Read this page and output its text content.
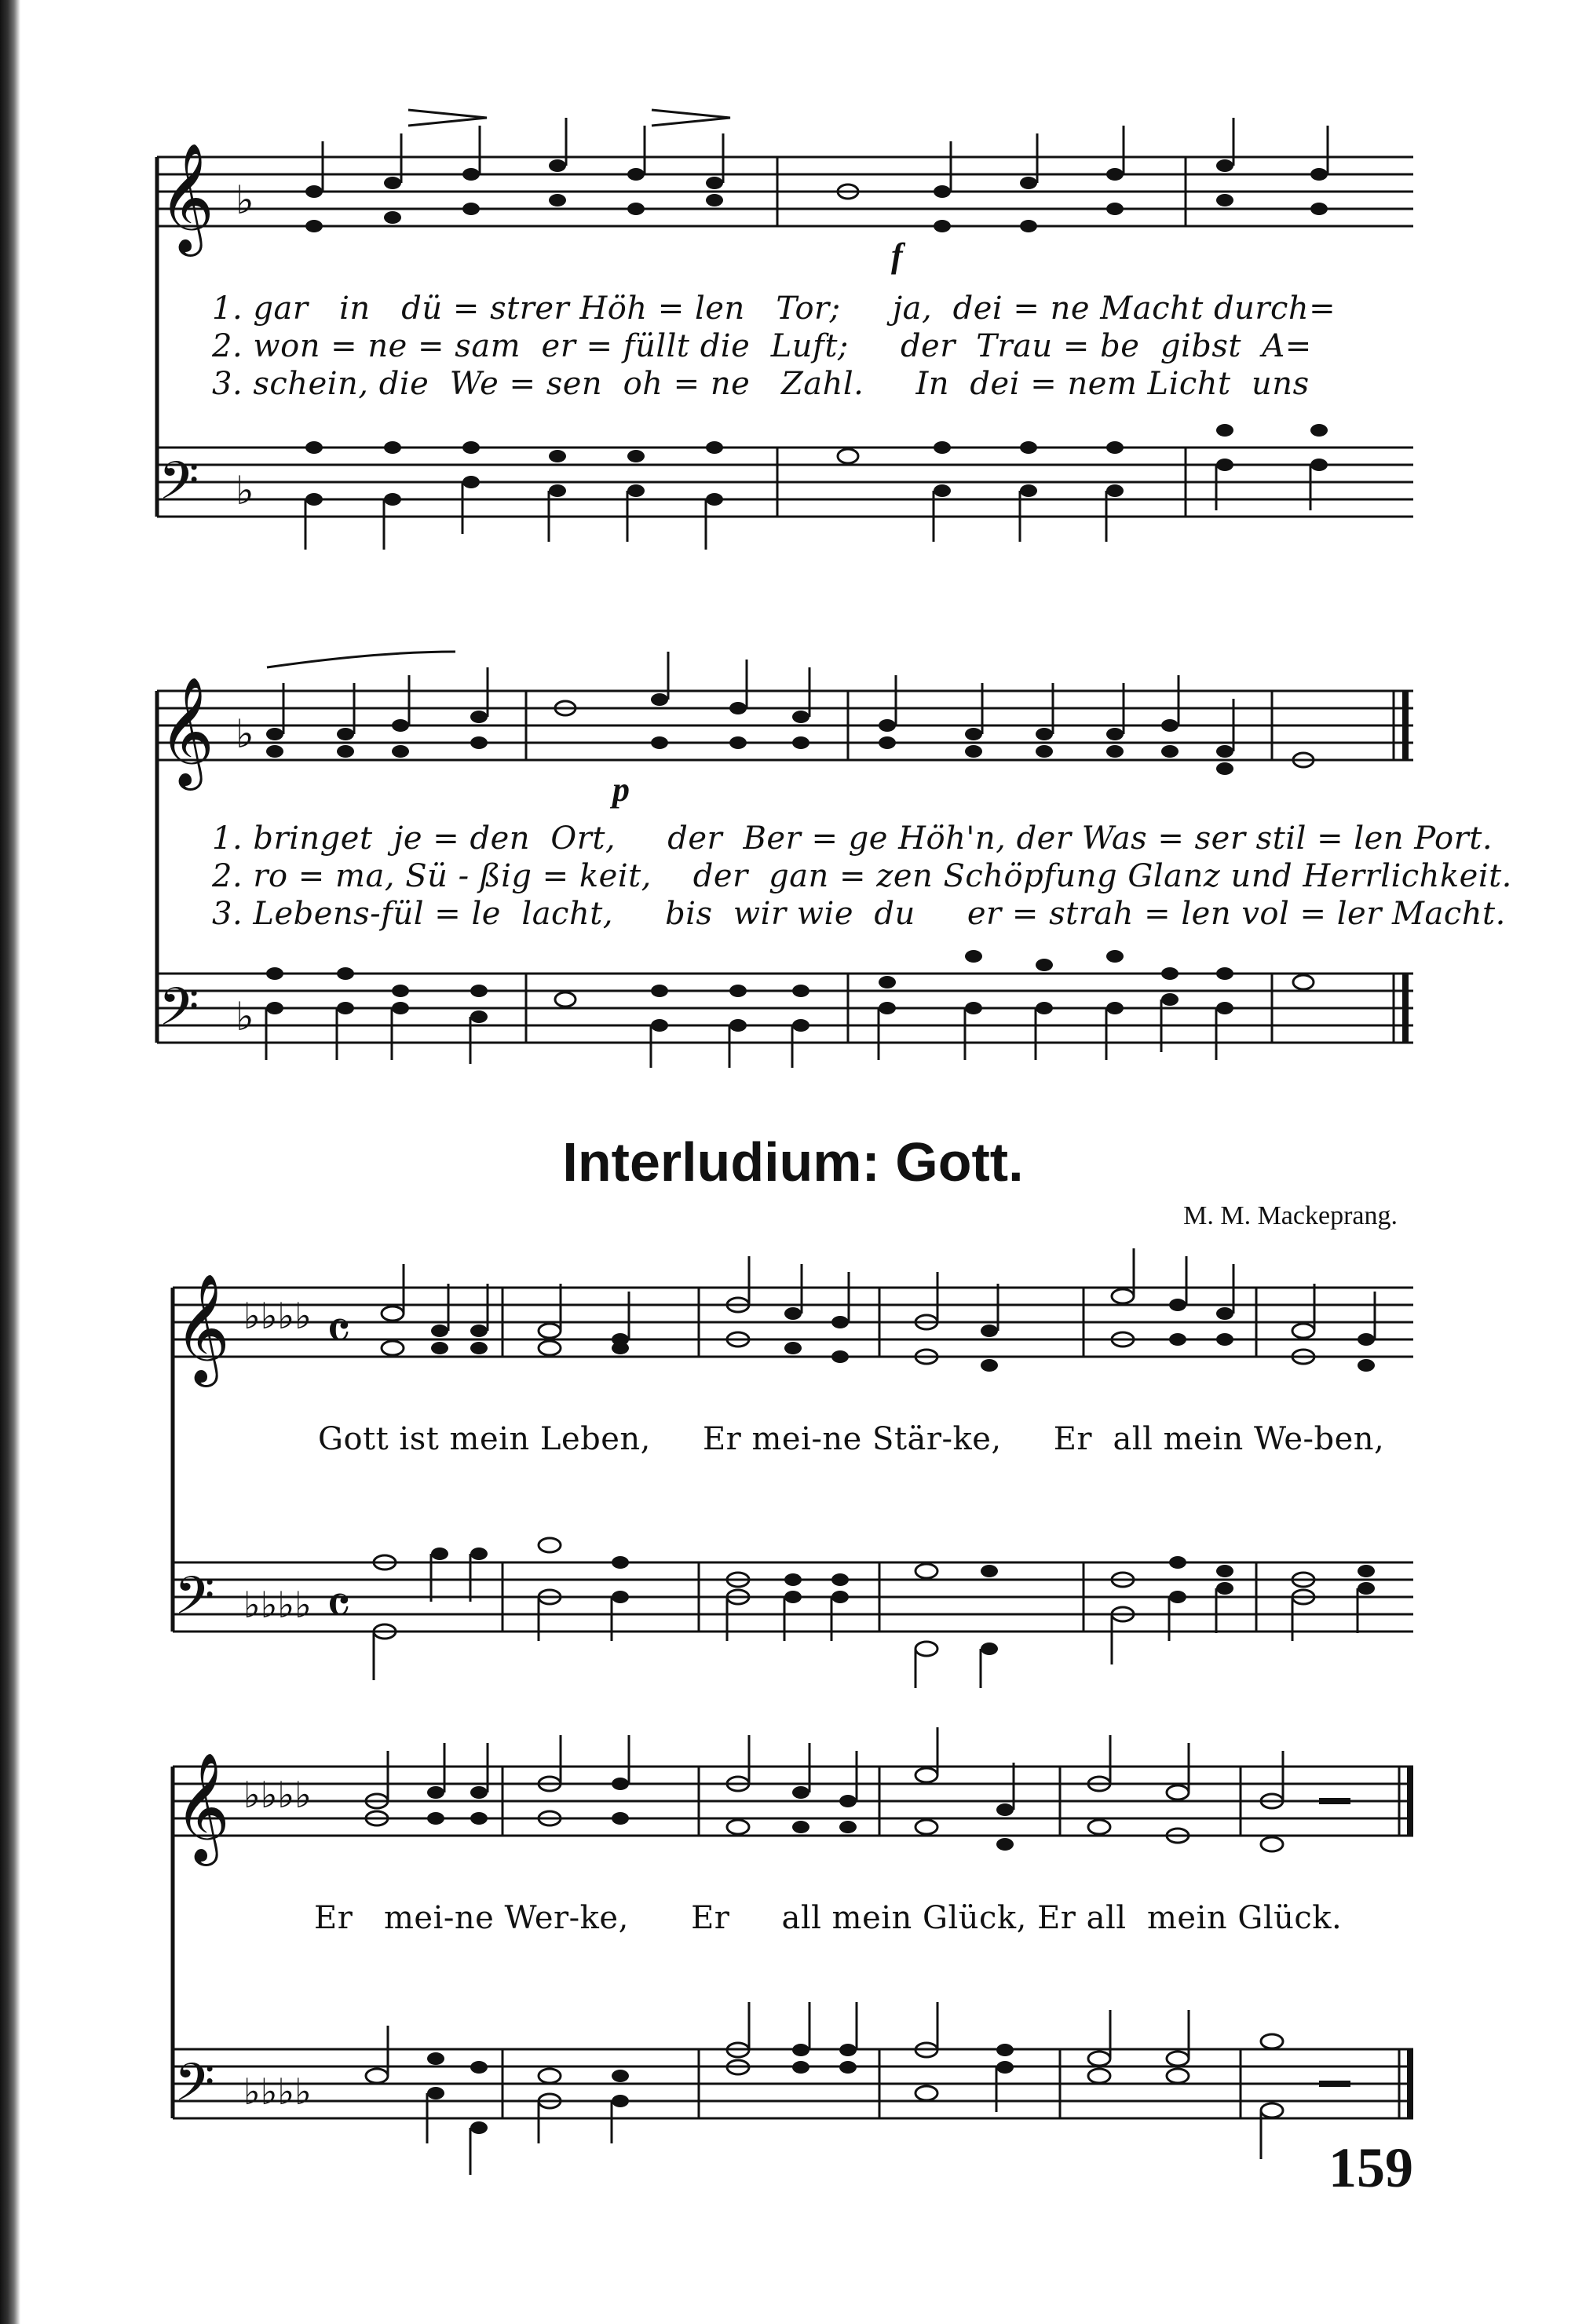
𝄞
𝄢
♭
♭
f
1. gar   in   dü = strer Höh = len   Tor;     ja,  dei = ne Macht durch=
2. won = ne = sam  er = füllt die  Luft;     der  Trau = be  gibst  A=
3. schein, die  We = sen  oh = ne   Zahl.     In  dei = nem Licht  uns
𝄞
𝄢
♭
♭
p
1. bringet  je = den  Ort,     der  Ber = ge Höh'n, der Was = ser stil = len Port.
2. ro = ma, Sü - ßig = keit,    der  gan = zen Schöpfung Glanz und Herrlichkeit.
3. Lebens-fül = le  lacht,     bis  wir wie  du     er = strah = len vol = ler Macht.
Interludium: Gott.
M. M. Mackeprang.
𝄞
𝄢
♭♭♭♭
♭♭♭♭
𝄴
𝄴
Gott ist mein Leben,     Er mei-ne Stär-ke,     Er  all mein We-ben,
𝄞
𝄢
♭♭♭♭
♭♭♭♭
Er   mei-ne Wer-ke,      Er     all mein Glück, Er all  mein Glück.
159
